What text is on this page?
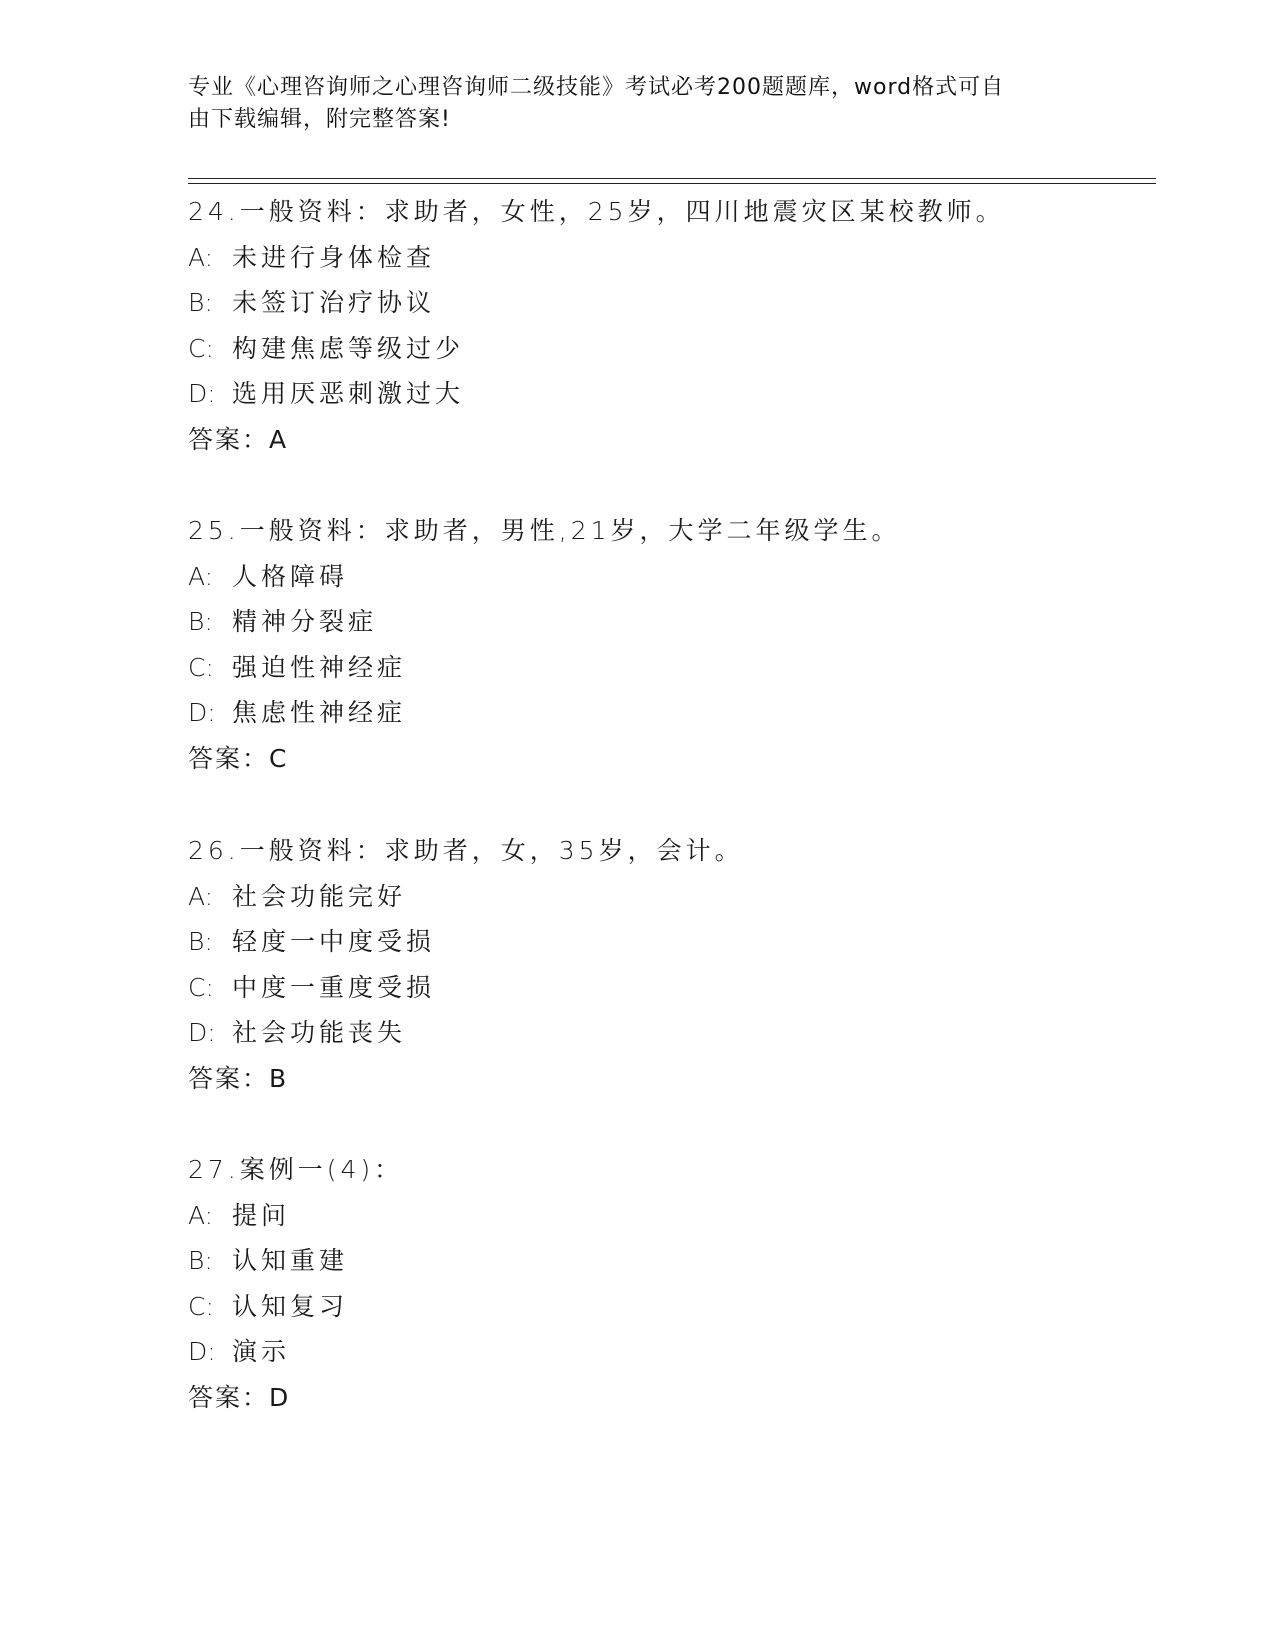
专业《心理咨询师之心理咨询师二级技能》考试必考200题题库，word格式可自
由下载编辑，附完整答案!
24.一般资料：求助者，女性，25岁，四川地震灾区某校教师。
A: 未进行身体检查
B: 未签订治疗协议
C: 构建焦虑等级过少
D: 选用厌恶刺激过大
答案：A
25.一般资料：求助者，男性,21岁，大学二年级学生。
A: 人格障碍
B: 精神分裂症
C: 强迫性神经症
D: 焦虑性神经症
答案：C
26.一般资料：求助者，女，35岁，会计。
A: 社会功能完好
B: 轻度一中度受损
C: 中度一重度受损
D: 社会功能丧失
答案：B
27.案例一(4)：
A: 提问
B: 认知重建
C: 认知复习
D: 演示
答案：D
